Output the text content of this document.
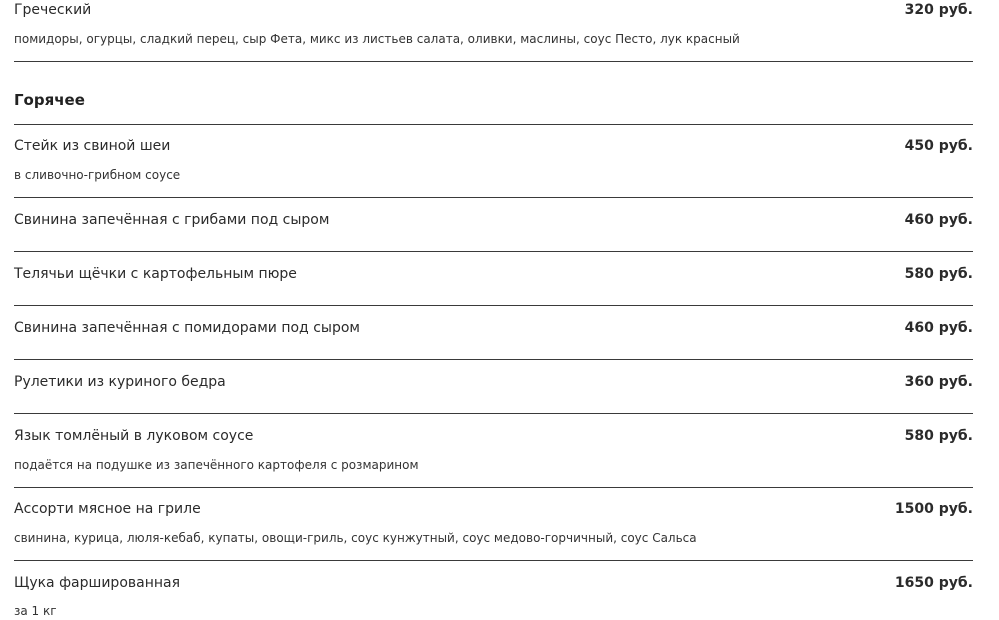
Греческий	320 руб.
помидоры, огурцы, сладкий перец, сыр Фета, микс из листьев салата, оливки, маслины, соус Песто, лук красный
Горячее
Стейк из свиной шеи	450 руб.
в сливочно-грибном соусе
Свинина запечённая с грибами под сыром	460 руб.
Телячьи щёчки с картофельным пюре	580 руб.
Свинина запечённая с помидорами под сыром	460 руб.
Рулетики из куриного бедра	360 руб.
Язык томлёный в луковом соусе	580 руб.
подаётся на подушке из запечённого картофеля с розмарином
Ассорти мясное на гриле	1500 руб.
свинина, курица, люля-кебаб, купаты, овощи-гриль, соус кунжутный, соус медово-горчичный, соус Сальса
Щука фаршированная	1650 руб.
за 1 кг
